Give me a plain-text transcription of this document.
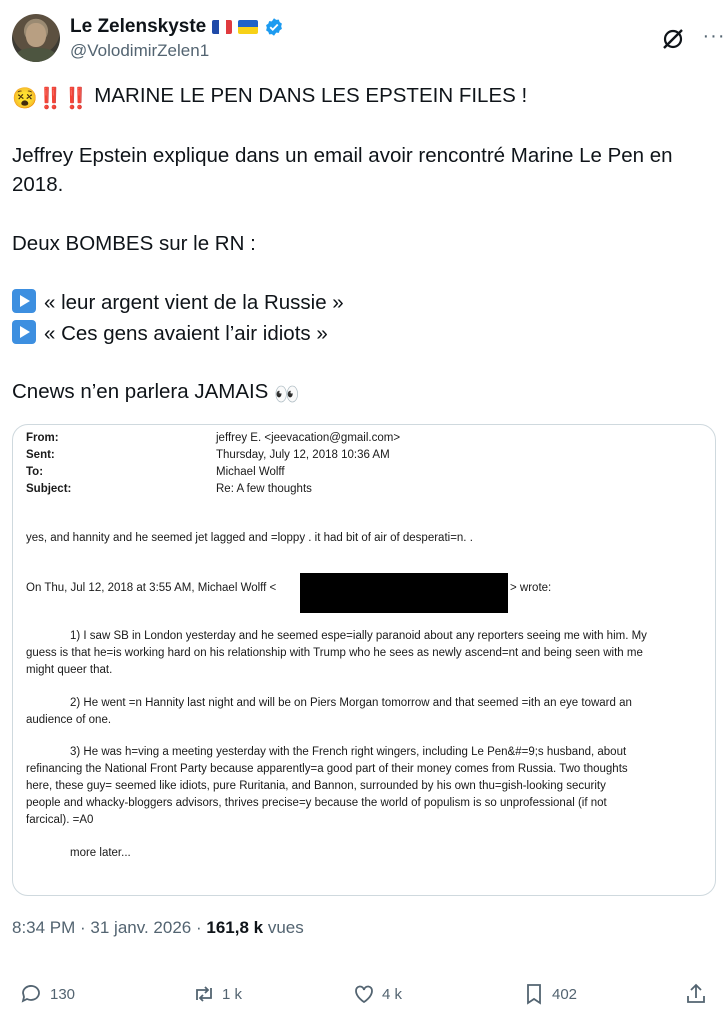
Le Zelenskyste
@VolodimirZelen1
···
😵‼️‼️ MARINE LE PEN DANS LES EPSTEIN FILES !
Jeffrey Epstein explique dans un email avoir rencontré Marine Le Pen en
2018.
Deux BOMBES sur le RN :
« leur argent vient de la Russie »
« Ces gens avaient l’air idiots »
Cnews n’en parlera JAMAIS 👀
From:	jeffrey E. <jeevacation@gmail.com>
Sent:	Thursday, July 12, 2018 10:36 AM
To:	Michael Wolff
Subject:	Re: A few thoughts
yes, and hannity and he seemed jet lagged and =loppy . it had bit of air of desperati=n. .
On Thu, Jul 12, 2018 at 3:55 AM, Michael Wolff <	> wrote:
1) I saw SB in London yesterday and he seemed espe=ially paranoid about any reporters seeing me with him. My
guess is that he=is working hard on his relationship with Trump who he sees as newly ascend=nt and being seen with me
might queer that.
2) He went =n Hannity last night and will be on Piers Morgan tomorrow and that seemed =ith an eye toward an
audience of one.
3) He was h=ving a meeting yesterday with the French right wingers, including Le Pen&#=9;s husband, about
refinancing the National Front Party because apparently=a good part of their money comes from Russia. Two thoughts
here, these guy= seemed like idiots, pure Ruritania, and Bannon, surrounded by his own thu=gish-looking security
people and whacky-bloggers advisors, thrives precise=y because the world of populism is so unprofessional (if not
farcical). =A0
more later...
8:34 PM · 31 janv. 2026 · 161,8 k vues
130	1 k	4 k	402
